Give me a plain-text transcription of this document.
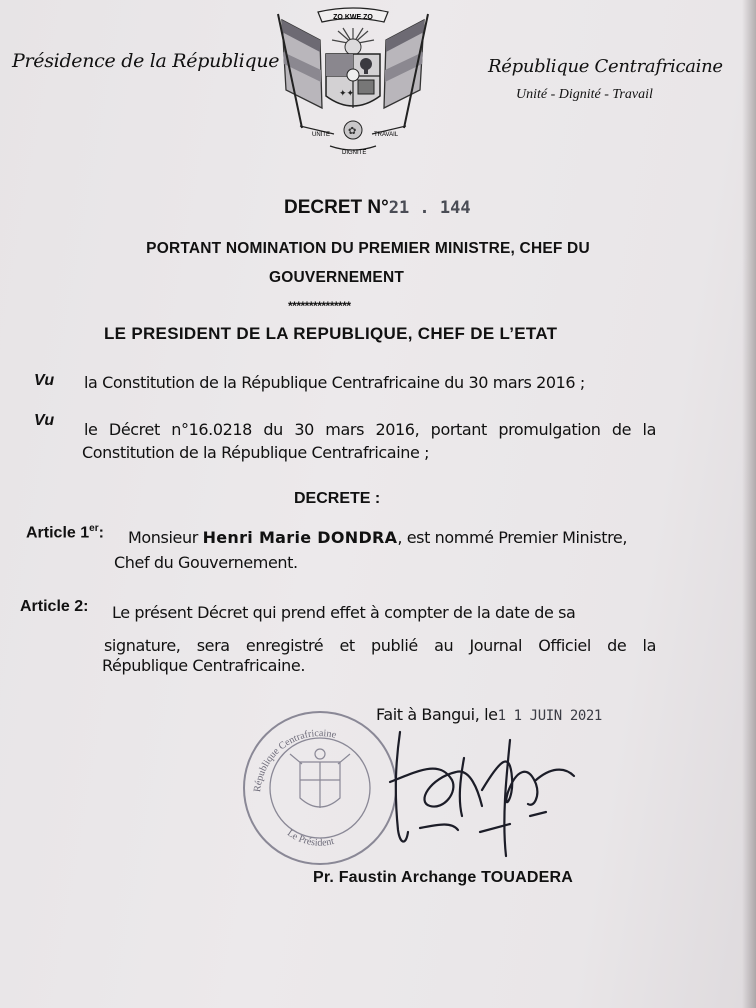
Présidence de la République	République Centrafricaine
Unité - Dignité - Travail
ZO KWE ZO
✦✦
UNITE	TRAVAIL
✿
DIGNITE
DECRET N°21 . 144
PORTANT NOMINATION DU PREMIER MINISTRE, CHEF DU
GOUVERNEMENT
***************
LE PRESIDENT DE LA REPUBLIQUE, CHEF DE L’ETAT
Vu la Constitution de la République Centrafricaine du 30 mars 2016 ;
Vu le Décret n°16.0218 du 30 mars 2016, portant promulgation de la
Constitution de la République Centrafricaine ;
DECRETE :
Article 1er: Monsieur Henri Marie DONDRA, est nommé Premier Ministre,
Chef du Gouvernement.
Article 2: Le présent Décret qui prend effet à compter de la date de sa
signature, sera enregistré et publié au Journal Officiel de la
République Centrafricaine.
Fait à Bangui, le1 1 JUIN 2021
République Centrafricaine
Le Président
Pr. Faustin Archange TOUADERA
